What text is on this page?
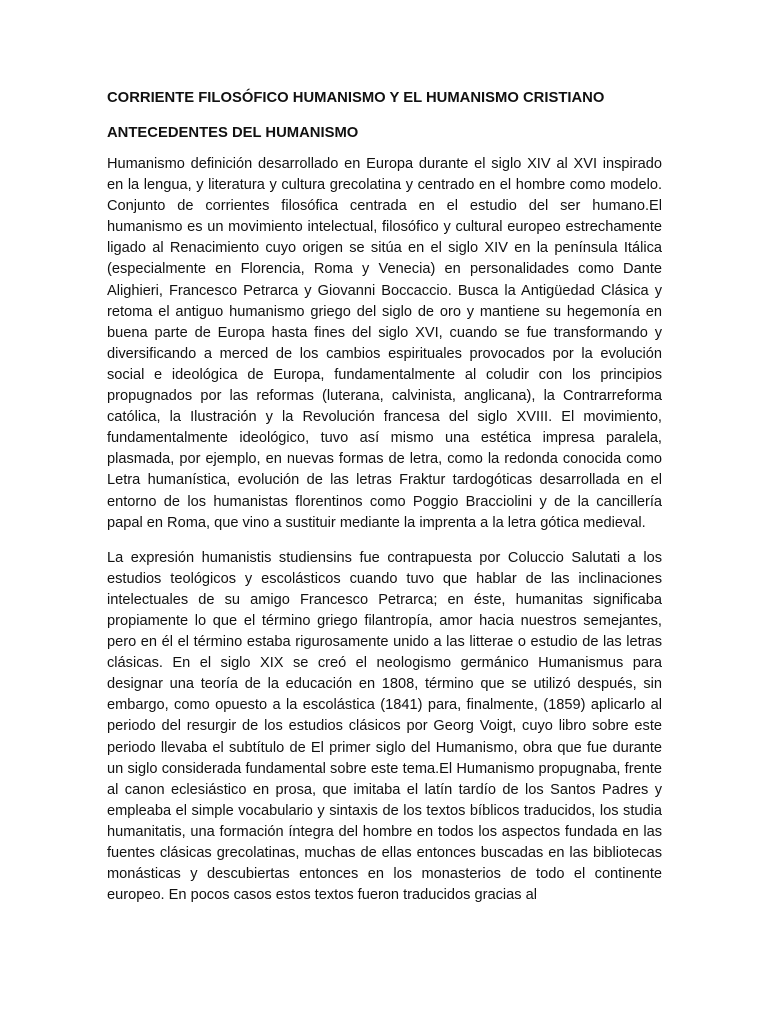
CORRIENTE FILOSÓFICO HUMANISMO Y EL HUMANISMO CRISTIANO
ANTECEDENTES DEL HUMANISMO

Humanismo definición desarrollado en Europa durante el siglo XIV al XVI inspirado en la lengua, y literatura y cultura grecolatina y centrado en el hombre como modelo. Conjunto de corrientes filosófica centrada en el estudio del ser humano.El humanismo es un movimiento intelectual, filosófico y cultural europeo estrechamente ligado al Renacimiento cuyo origen se sitúa en el siglo XIV en la península Itálica (especialmente en Florencia, Roma y Venecia) en personalidades como Dante Alighieri, Francesco Petrarca y Giovanni Boccaccio. Busca la Antigüedad Clásica y retoma el antiguo humanismo griego del siglo de oro y mantiene su hegemonía en buena parte de Europa hasta fines del siglo XVI, cuando se fue transformando y diversificando a merced de los cambios espirituales provocados por la evolución social e ideológica de Europa, fundamentalmente al coludir con los principios propugnados por las reformas (luterana, calvinista, anglicana), la Contrarreforma católica, la Ilustración y la Revolución francesa del siglo XVIII. El movimiento, fundamentalmente ideológico, tuvo así mismo una estética impresa paralela, plasmada, por ejemplo, en nuevas formas de letra, como la redonda conocida como Letra humanística, evolución de las letras Fraktur tardogóticas desarrollada en el entorno de los humanistas florentinos como Poggio Bracciolini y de la cancillería papal en Roma, que vino a sustituir mediante la imprenta a la letra gótica medieval.

La expresión humanistis studiensins fue contrapuesta por Coluccio Salutati a los estudios teológicos y escolásticos cuando tuvo que hablar de las inclinaciones intelectuales de su amigo Francesco Petrarca; en éste, humanitas significaba propiamente lo que el término griego filantropía, amor hacia nuestros semejantes, pero en él el término estaba rigurosamente unido a las litterae o estudio de las letras clásicas. En el siglo XIX se creó el neologismo germánico Humanismus para designar una teoría de la educación en 1808, término que se utilizó después, sin embargo, como opuesto a la escolástica (1841) para, finalmente, (1859) aplicarlo al periodo del resurgir de los estudios clásicos por Georg Voigt, cuyo libro sobre este periodo llevaba el subtítulo de El primer siglo del Humanismo, obra que fue durante un siglo considerada fundamental sobre este tema.El Humanismo propugnaba, frente al canon eclesiástico en prosa, que imitaba el latín tardío de los Santos Padres y empleaba el simple vocabulario y sintaxis de los textos bíblicos traducidos, los studia humanitatis, una formación íntegra del hombre en todos los aspectos fundada en las fuentes clásicas grecolatinas, muchas de ellas entonces buscadas en las bibliotecas monásticas y descubiertas entonces en los monasterios de todo el continente europeo. En pocos casos estos textos fueron traducidos gracias al
